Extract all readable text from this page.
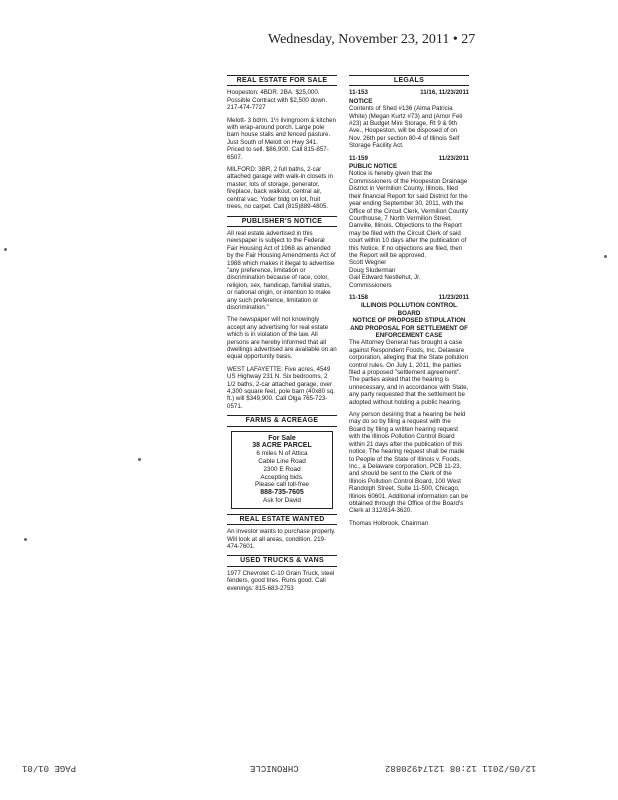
Wednesday, November 23, 2011 • 27
REAL ESTATE FOR SALE
Hoopeston: 4BDR. 2BA. $25,000. Possible Contract with $2,500 down. 217-474-7727
Melott- 3 bdrm. 1½ livingroom & kitchen with wrap-around porch. Large pole barn house stalls and fenced pasture. Just South of Melott on Hwy 341. Priced to sell. $86,900. Call 815-857-6507.
MILFORD: 3BR, 2 full baths, 2-car attached garage with walk-in closets in master; lots of storage, generator, fireplace, back walkout, central air, central vac. Yoder bldg on lot, fruit trees, no carpet. Call (815)889-4805.
PUBLISHER'S NOTICE
All real estate advertised in this newspaper is subject to the Federal Fair Housing Act of 1968 as amended by the Fair Housing Amendments Act of 1988 which makes it illegal to advertise "any preference, limitation or discrimination because of race, color, religion, sex, handicap, familial status, or national origin, or intention to make any such preference, limitation or discrimination."
The newspaper will not knowingly accept any advertising for real estate which is in violation of the law. All persons are hereby informed that all dwellings advertised are available on an equal opportunity basis.
WEST LAFAYETTE: Five acres, 4549 US Highway 231 N. Six bedrooms, 2 1/2 baths, 2-car attached garage, over 4,300 square feet, pole barn (40x80 sq. ft.) will $349,900. Call Olga 765-723-0571.
FARMS & ACREAGE
For Sale
38 ACRE PARCEL
6 miles N of Attica
Cable Line Road
2300 E Road
Accepting bids.
Please call toll-free
888-735-7605
Ask for David
REAL ESTATE WANTED
An investor wants to purchase property. Will look at all areas, condition. 219-474-7601.
USED TRUCKS & VANS
1977 Chevrolet C-10 Grain Truck, steel fenders, good tires. Runs good. Call evenings: 815-683-2753
LEGALS
11-153	11/16, 11/23/2011
NOTICE
Contents of Shed #136 (Alma Patricia White) (Megan Kurtz #73) and (Amor Feli #23) at Budget Mini Storage, Rt 9 & 9th Ave., Hoopeston, will be disposed of on Nov. 26th per section 80-4 of Illinois Self Storage Facility Act.
11-159	11/23/2011
PUBLIC NOTICE
Notice is hereby given that the Commissioners of the Hoopeston Drainage District in Vermilion County, Illinois, filed their financial Report for said District for the year ending September 30, 2011, with the Office of the Circuit Clerk, Vermilion County Courthouse, 7 North Vermilion Street, Danville, Illinois. Objections to the Report may be filed with the Circuit Clerk of said court within 10 days after the publication of this Notice. If no objections are filed, then the Report will be approved.
Scott Wegner
Doug Sluderman
Gail Edward Nestlehut, Jr.
Commissioners
11-158	11/23/2011
ILLINOIS POLLUTION CONTROL BOARD
NOTICE OF PROPOSED STIPULATION AND PROPOSAL FOR SETTLEMENT OF ENFORCEMENT CASE
The Attorney General has brought a case against Respondent Foods, Inc. Delaware corporation, alleging that the State pollution control rules. On July 1, 2011, the parties filed a proposed "settlement agreement". The parties asked that the hearing is unnecessary, and in accordance with State, any party requested that the settlement be adopted without holding a public hearing.
Any person desiring that a hearing be held may do so by filing a request with the Board by filing a written hearing request with the Illinois Pollution Control Board within 21 days after the publication of this notice. The hearing request shall be made to People of the State of Illinois v. Foods, Inc., a Delaware corporation, PCB 11-23, and should be sent to the Clerk of the Illinois Pollution Control Board, 100 West Randolph Street, Suite 11-500, Chicago, Illinois 60601. Additional information can be obtained through the Office of the Board's Clerk at 312/814-3620.
Thomas Holbrook, Chairman
PAGE 01/01	CHRONICLE	12/05/2011 12:08 12174920882
